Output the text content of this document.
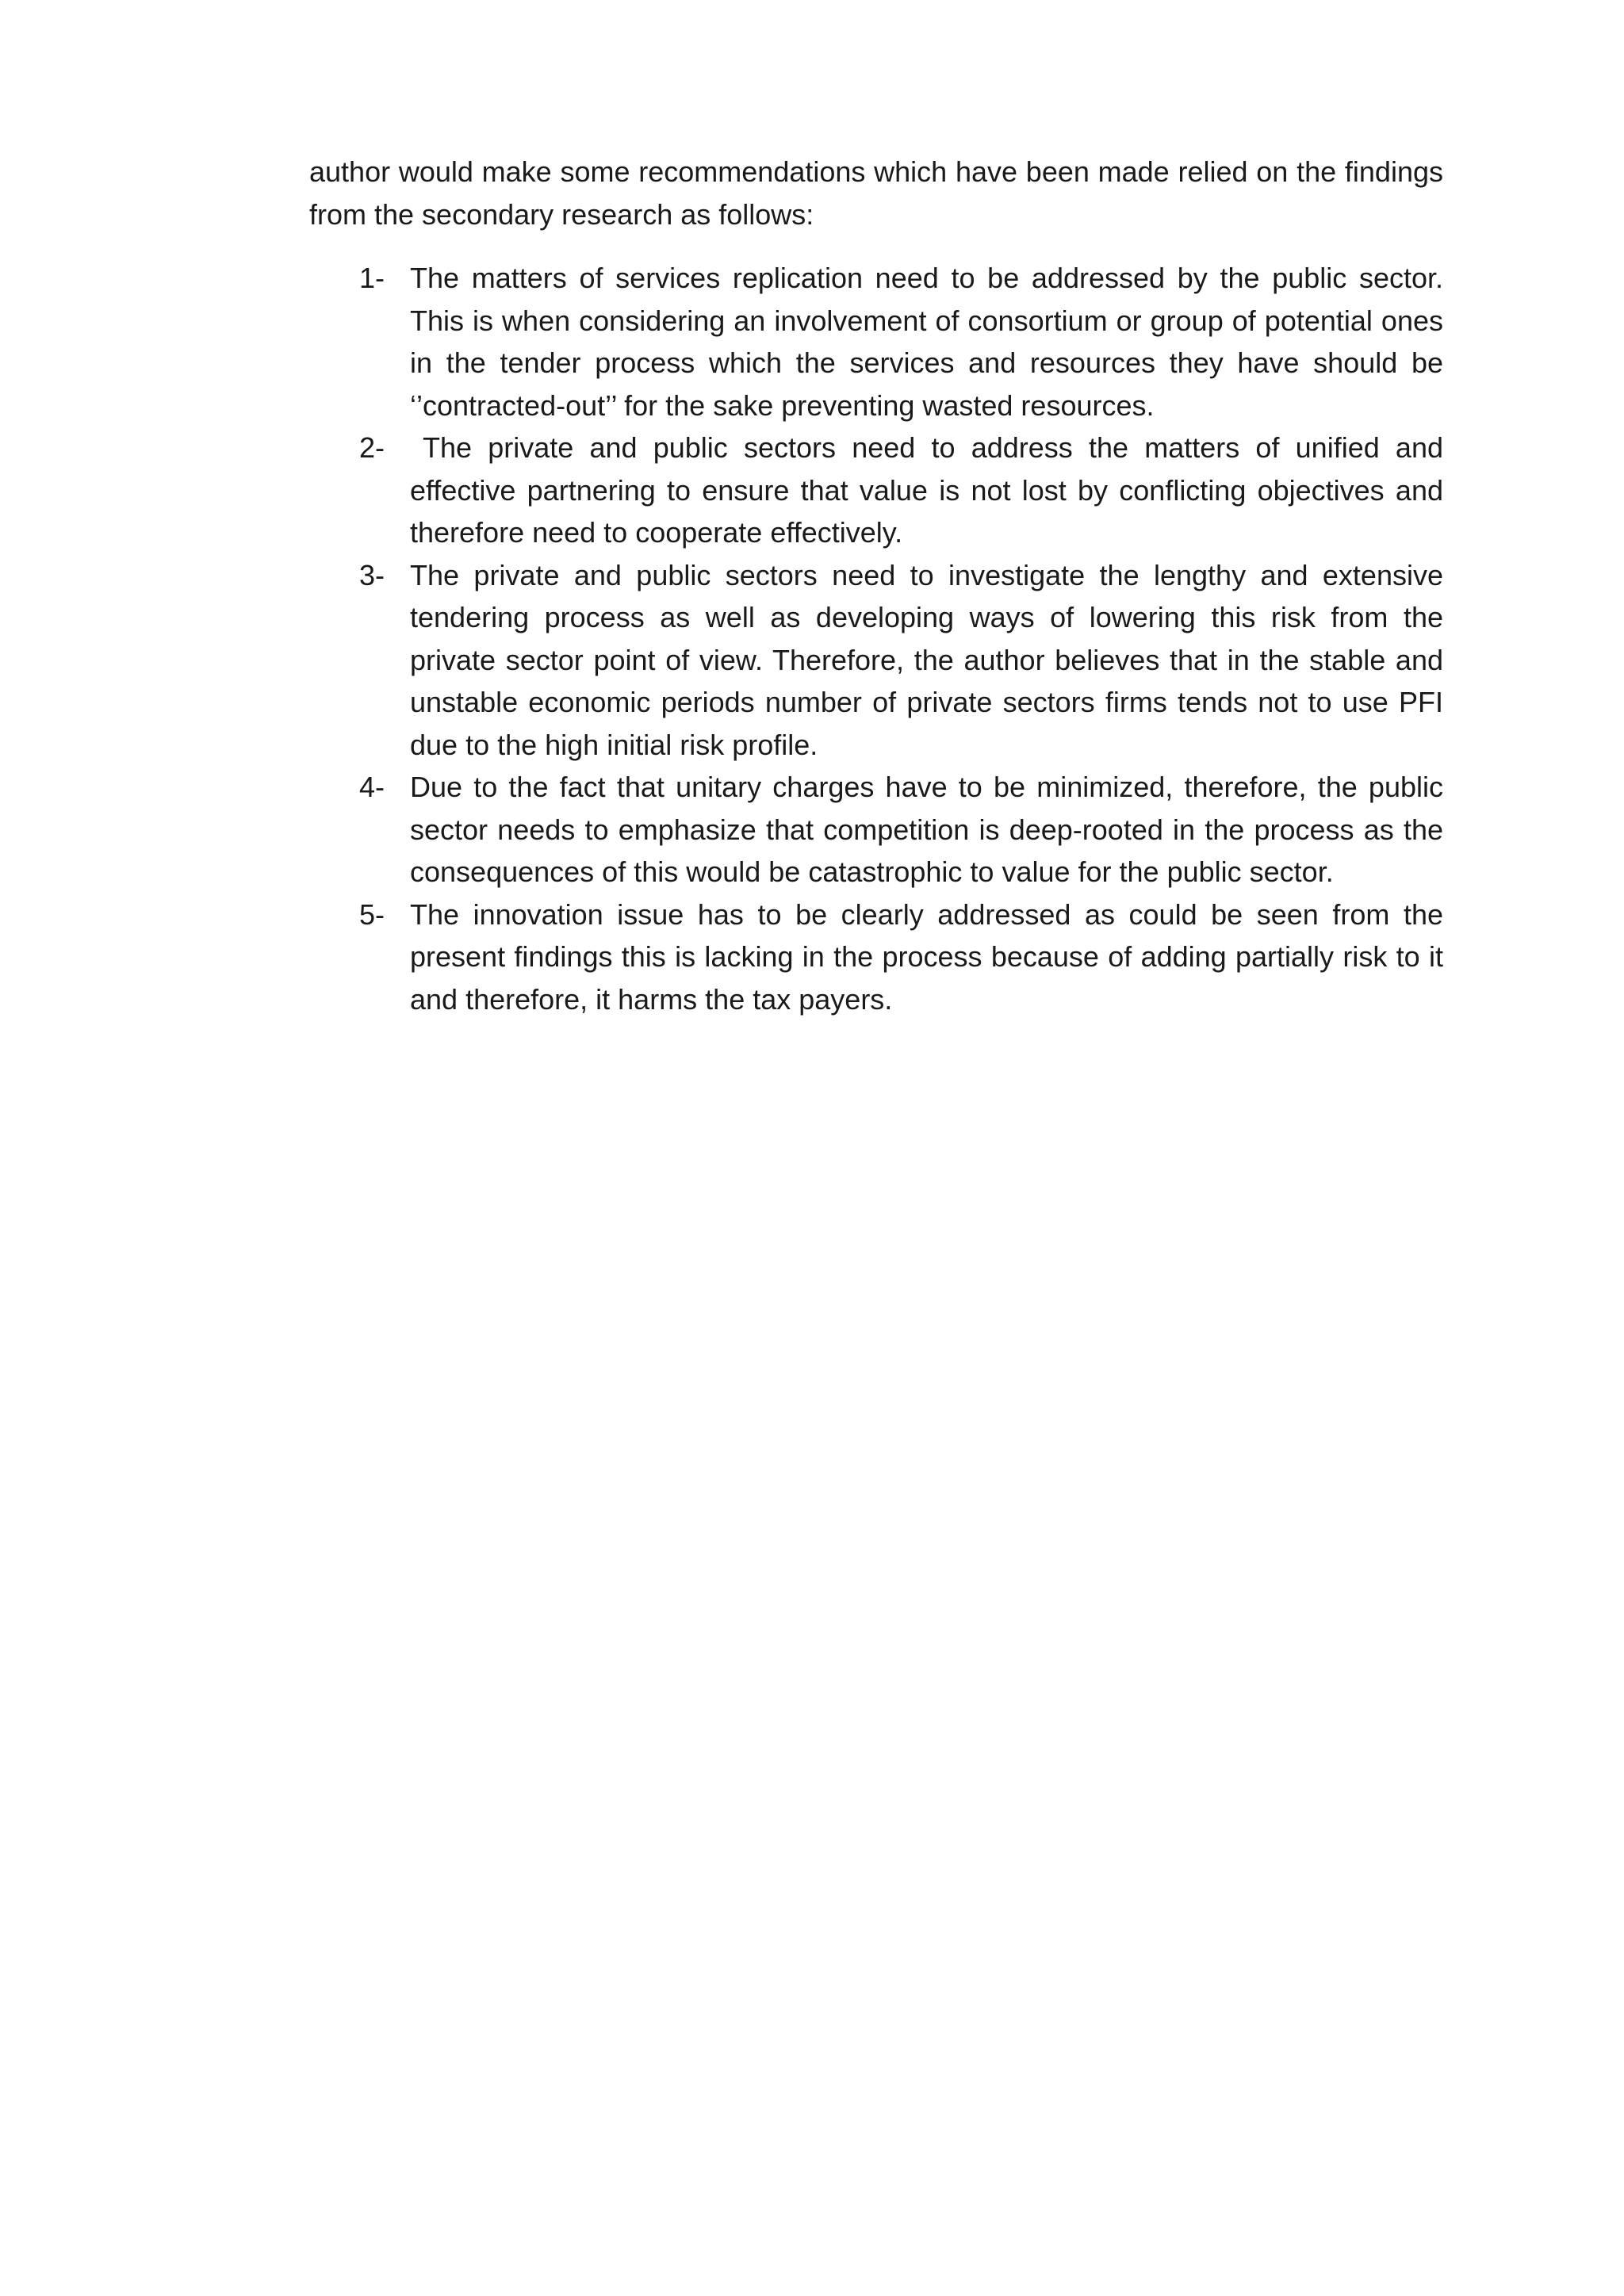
author would make some recommendations which have been made relied on the findings from the secondary research as follows:

1- The matters of services replication need to be addressed by the public sector. This is when considering an involvement of consortium or group of potential ones in the tender process which the services and resources they have should be ‘’contracted-out’’ for the sake preventing wasted resources.
2-	The private and public sectors need to address the matters of unified and effective partnering to ensure that value is not lost by conflicting objectives and therefore need to cooperate effectively.
3- The private and public sectors need to investigate the lengthy and extensive tendering process as well as developing ways of lowering this risk from the private sector point of view. Therefore, the author believes that in the stable and unstable economic periods number of private sectors firms tends not to use PFI due to the high initial risk profile.
4- Due to the fact that unitary charges have to be minimized, therefore, the public sector needs to emphasize that competition is deep-rooted in the process as the consequences of this would be catastrophic to value for the public sector.
5- The innovation issue has to be clearly addressed as could be seen from the present findings this is lacking in the process because of adding partially risk to it and therefore, it harms the tax payers.
